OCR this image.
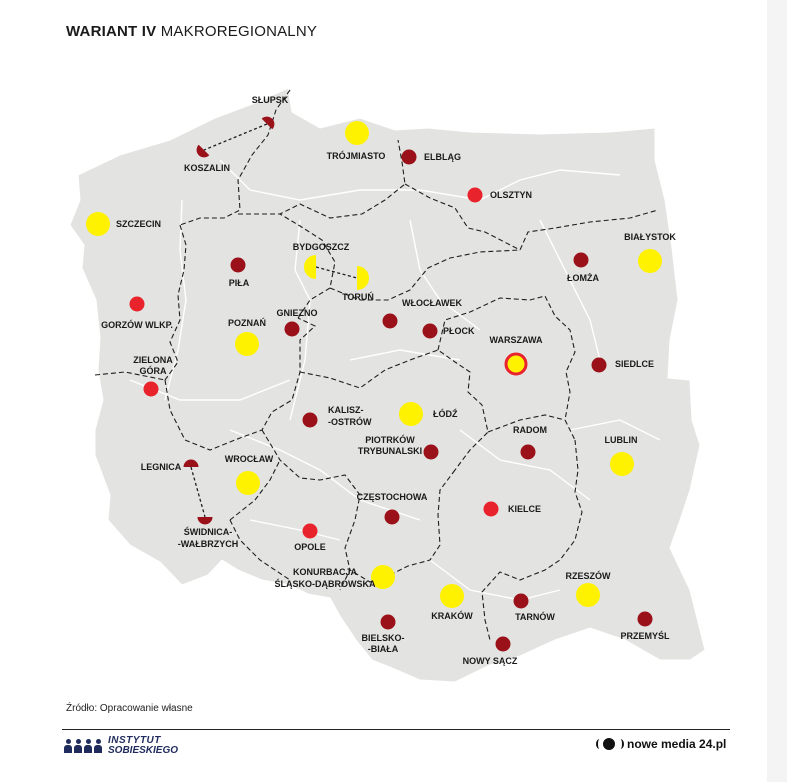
WARIANT IV MAKROREGIONALNY
SŁUPSK
KOSZALIN
TRÓJMIASTO	ELBLĄG
OLSZTYN
SZCZECIN
BYDGOSZCZ
TORUŃ
PIŁA
BIAŁYSTOK
ŁOMŻA
GORZÓW WLKP.	POZNAŃ
GNIEZNO
WŁOCŁAWEK
PŁOCK
WARSZAWA
SIEDLCE
ZIELONA GÓRA
KALISZ--OSTRÓW
ŁÓDŹ
PIOTRKÓW TRYBUNALSKI
RADOM
LUBLIN
LEGNICA
WROCŁAW
ŚWIDNICA--WAŁBRZYCH
CZĘSTOCHOWA
KIELCE
OPOLE
KONURBACJA ŚLĄSKO-DĄBROWSKA
RZESZÓW
KRAKÓW	TARNÓW
PRZEMYŚL
BIELSKO--BIAŁA
NOWY SĄCZ
Źródło: Opracowanie własne
INSTYTUT
SOBIESKIEGO	nowe media 24.pl
